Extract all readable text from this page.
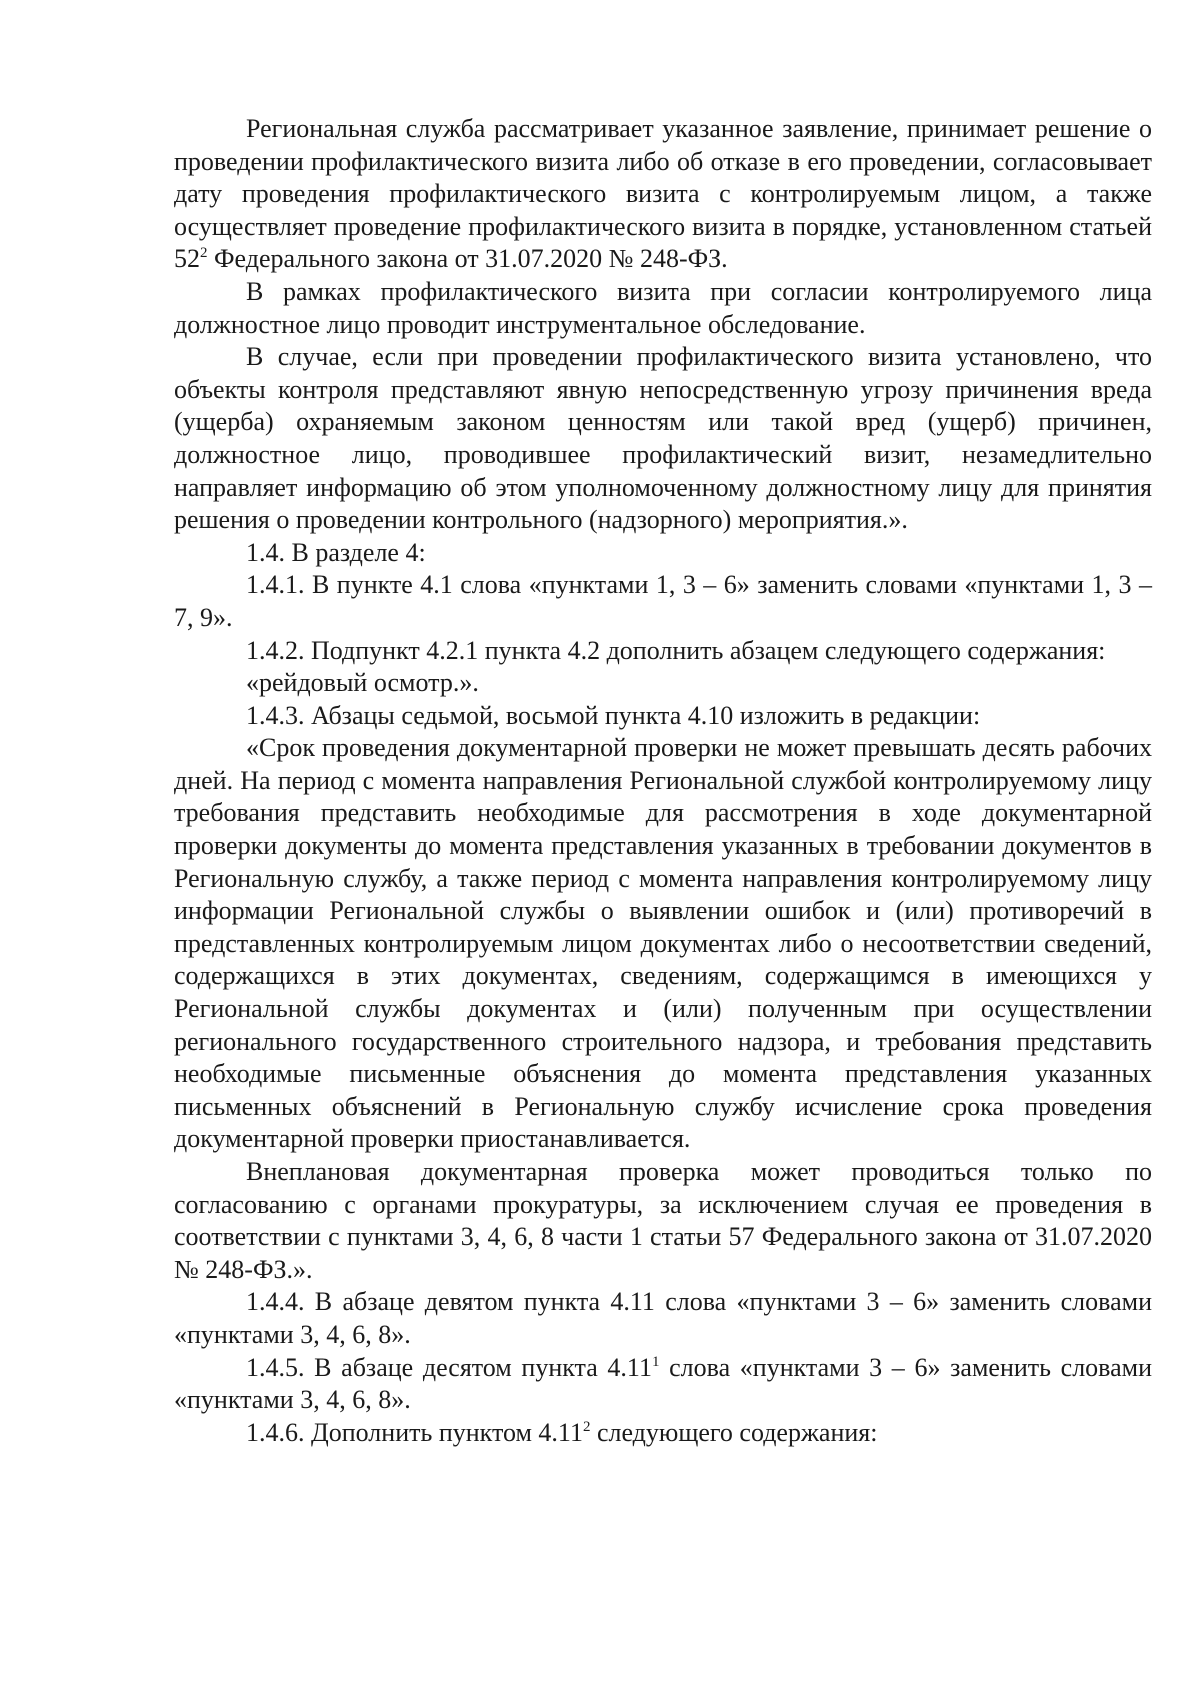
Региональная служба рассматривает указанное заявление, принимает решение о проведении профилактического визита либо об отказе в его проведении, согласовывает дату проведения профилактического визита с контролируемым лицом, а также осуществляет проведение профилактического визита в порядке, установленном статьей $52^2$ Федерального закона от 31.07.2020 № 248-ФЗ.

В рамках профилактического визита при согласии контролируемого лица должностное лицо проводит инструментальное обследование.

В случае, если при проведении профилактического визита установлено, что объекты контроля представляют явную непосредственную угрозу причинения вреда (ущерба) охраняемым законом ценностям или такой вред (ущерб) причинен, должностное лицо, проводившее профилактический визит, незамедлительно направляет информацию об этом уполномоченному должностному лицу для принятия решения о проведении контрольного (надзорного) мероприятия.».

1.4. В разделе 4:

1.4.1. В пункте 4.1 слова «пунктами 1, 3 – 6» заменить словами «пунктами 1, 3 – 7, 9».

1.4.2. Подпункт 4.2.1 пункта 4.2 дополнить абзацем следующего содержания:

«рейдовый осмотр.».

1.4.3. Абзацы седьмой, восьмой пункта 4.10 изложить в редакции:

«Срок проведения документарной проверки не может превышать десять рабочих дней. На период с момента направления Региональной службой контролируемому лицу требования представить необходимые для рассмотрения в ходе документарной проверки документы до момента представления указанных в требовании документов в Региональную службу, а также период с момента направления контролируемому лицу информации Региональной службы о выявлении ошибок и (или) противоречий в представленных контролируемым лицом документах либо о несоответствии сведений, содержащихся в этих документах, сведениям, содержащимся в имеющихся у Региональной службы документах и (или) полученным при осуществлении регионального государственного строительного надзора, и требования представить необходимые письменные объяснения до момента представления указанных письменных объяснений в Региональную службу исчисление срока проведения документарной проверки приостанавливается.

Внеплановая документарная проверка может проводиться только по согласованию с органами прокуратуры, за исключением случая ее проведения в соответствии с пунктами 3, 4, 6, 8 части 1 статьи 57 Федерального закона от 31.07.2020 № 248-ФЗ.».

1.4.4. В абзаце девятом пункта 4.11 слова «пунктами 3 – 6» заменить словами «пунктами 3, 4, 6, 8».

1.4.5. В абзаце десятом пункта 4.11$^1$ слова «пунктами 3 – 6» заменить словами «пунктами 3, 4, 6, 8».

1.4.6. Дополнить пунктом 4.11$^2$ следующего содержания:
